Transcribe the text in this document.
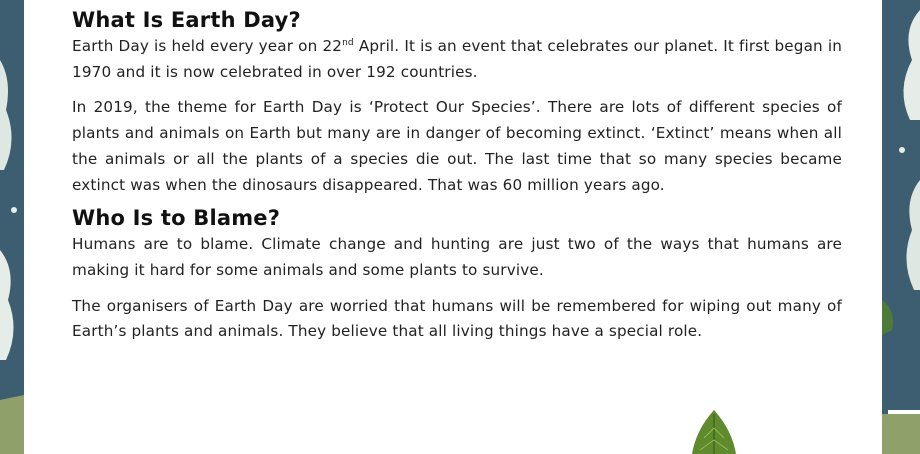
What Is Earth Day?

Earth Day is held every year on 22nd April. It is an event that celebrates our planet. It first began in 1970 and it is now celebrated in over 192 countries.

In 2019, the theme for Earth Day is ‘Protect Our Species’. There are lots of different species of plants and animals on Earth but many are in danger of becoming extinct. ‘Extinct’ means when all the animals or all the plants of a species die out. The last time that so many species became extinct was when the dinosaurs disappeared. That was 60 million years ago.

Who Is to Blame?

Humans are to blame. Climate change and hunting are just two of the ways that humans are making it hard for some animals and some plants to survive.

The organisers of Earth Day are worried that humans will be remembered for wiping out many of Earth’s plants and animals. They believe that all living things have a special role.
